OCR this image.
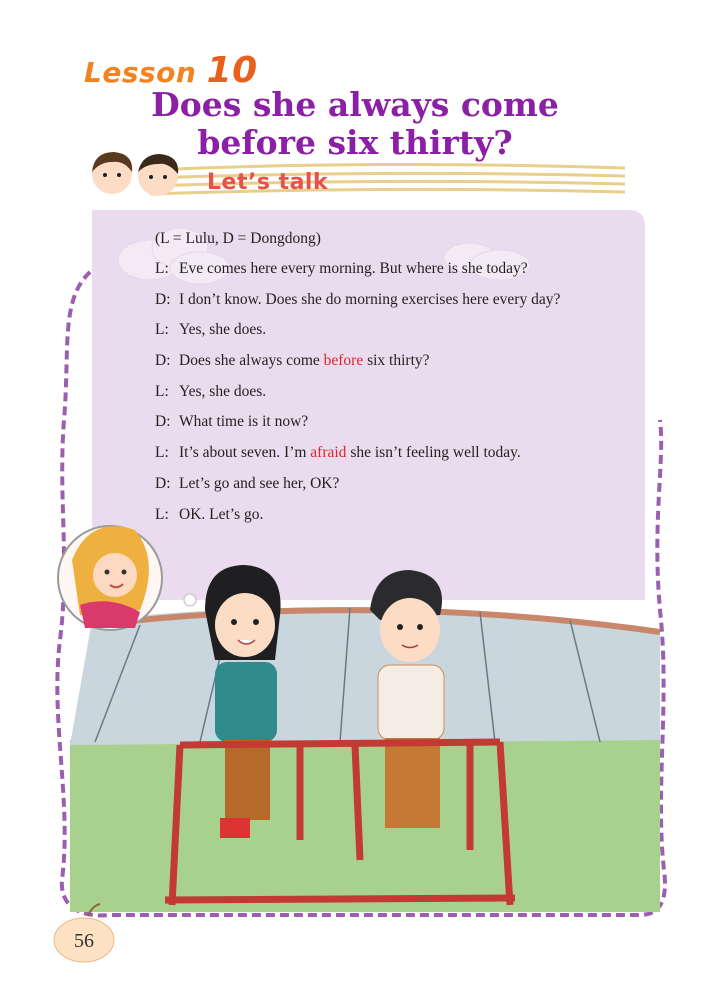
Lesson 10
Does she always come
before six thirty?
Let’s talk
(L = Lulu, D = Dongdong)
L: Eve comes here every morning. But where is she today?
D: I don’t know. Does she do morning exercises here every day?
L: Yes, she does.
D: Does she always come before six thirty?
L: Yes, she does.
D: What time is it now?
L: It’s about seven. I’m afraid she isn’t feeling well today.
D: Let’s go and see her, OK?
L: OK. Let’s go.
56
